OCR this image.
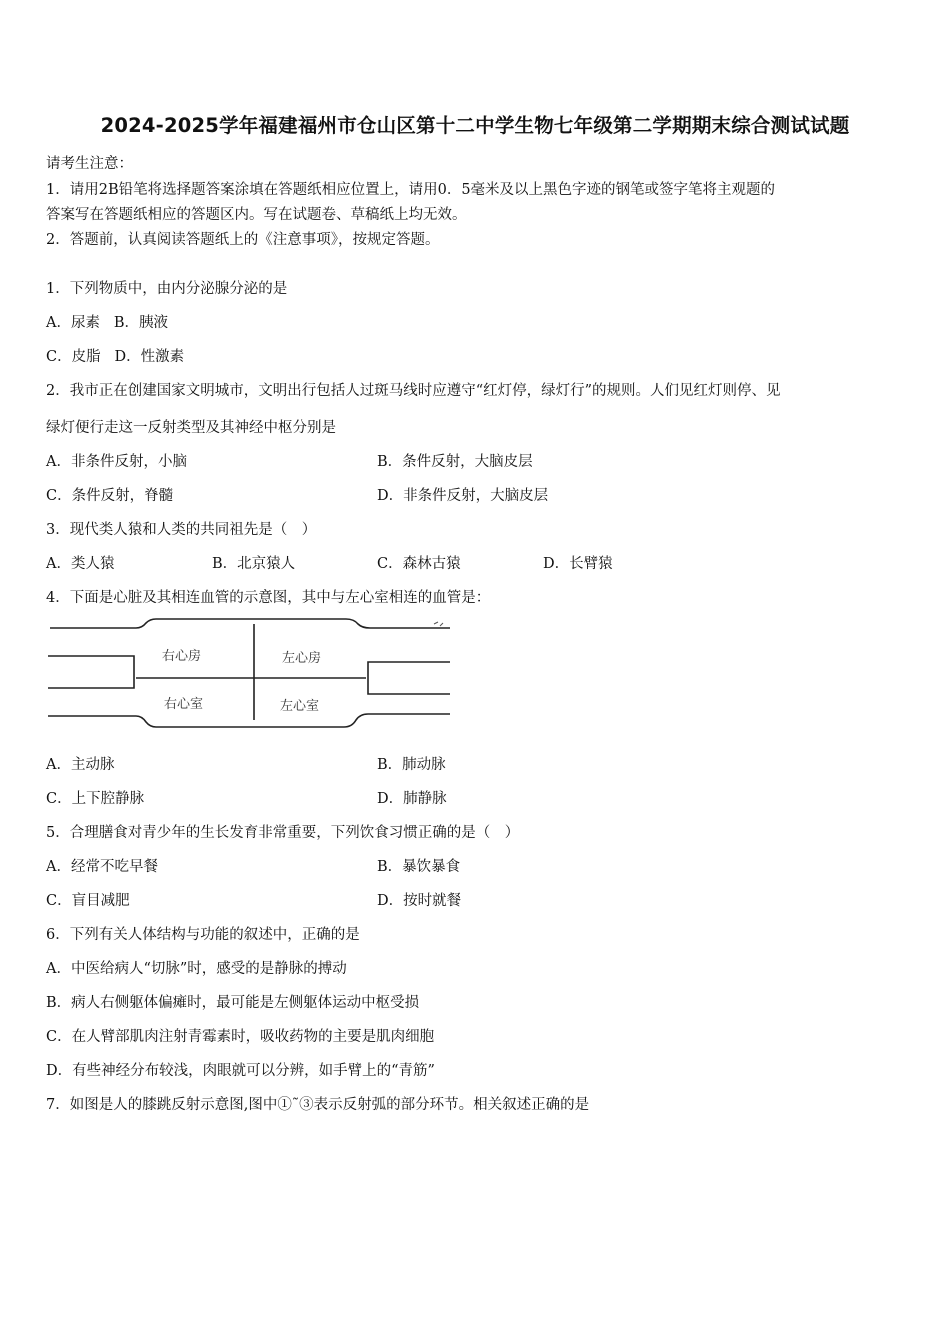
2024-2025学年福建福州市仓山区第十二中学生物七年级第二学期期末综合测试试题
请考生注意：
1．请用2B铅笔将选择题答案涂填在答题纸相应位置上，请用0．5毫米及以上黑色字迹的钢笔或签字笔将主观题的
答案写在答题纸相应的答题区内。写在试题卷、草稿纸上均无效。
2．答题前，认真阅读答题纸上的《注意事项》，按规定答题。
1．下列物质中，由内分泌腺分泌的是
A．尿素 B．胰液
C．皮脂 D．性激素
2．我市正在创建国家文明城市，文明出行包括人过斑马线时应遵守“红灯停，绿灯行”的规则。人们见红灯则停、见
绿灯便行走这一反射类型及其神经中枢分别是
A．非条件反射，小脑	B．条件反射，大脑皮层
C．条件反射，脊髓	D．非条件反射，大脑皮层
3．现代类人猿和人类的共同祖先是（　）
A．类人猿	B．北京猿人	C．森林古猿	D．长臂猿
4．下面是心脏及其相连血管的示意图，其中与左心室相连的血管是：
右心房	左心房
右心室	左心室
A．主动脉	B．肺动脉
C．上下腔静脉	D．肺静脉
5．合理膳食对青少年的生长发育非常重要，下列饮食习惯正确的是（　）
A．经常不吃早餐	B．暴饮暴食
C．盲目减肥	D．按时就餐
6．下列有关人体结构与功能的叙述中，正确的是
A．中医给病人“切脉”时，感受的是静脉的搏动
B．病人右侧躯体偏瘫时，最可能是左侧躯体运动中枢受损
C．在人臂部肌肉注射青霉素时，吸收药物的主要是肌肉细胞
D．有些神经分布较浅，肉眼就可以分辨，如手臂上的“青筋”
7．如图是人的膝跳反射示意图,图中①˜③表示反射弧的部分环节。相关叙述正确的是
